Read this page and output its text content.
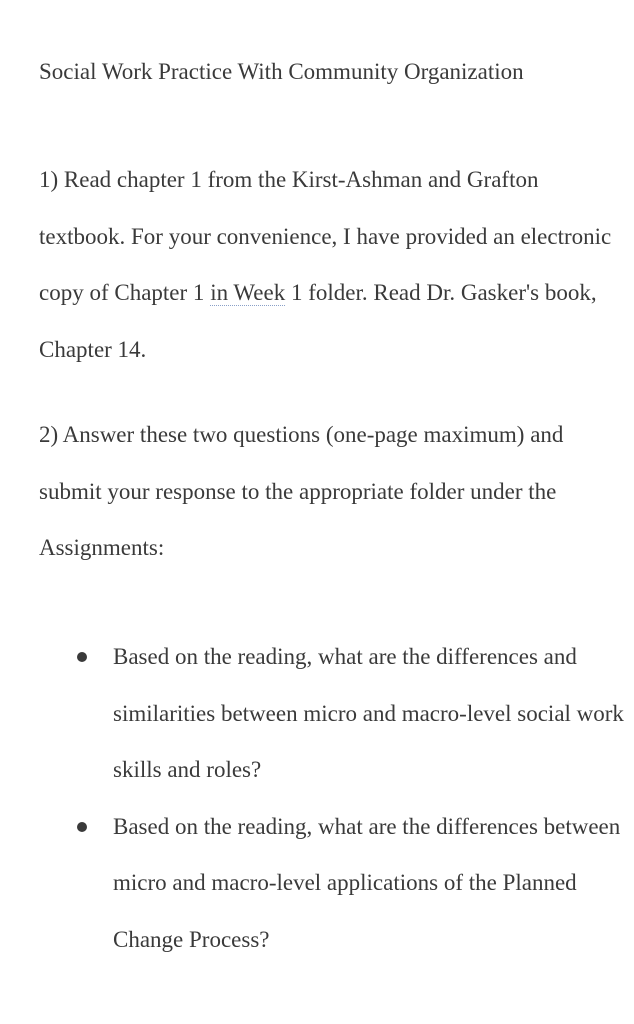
Social Work Practice With Community Organization

1) Read chapter 1 from the Kirst-Ashman and Grafton textbook. For your convenience, I have provided an electronic copy of Chapter 1 in Week 1 folder. Read Dr. Gasker's book, Chapter 14.

2) Answer these two questions (one-page maximum) and submit your response to the appropriate folder under the Assignments:

Based on the reading, what are the differences and similarities between micro and macro-level social work skills and roles?
Based on the reading, what are the differences between micro and macro-level applications of the Planned Change Process?
